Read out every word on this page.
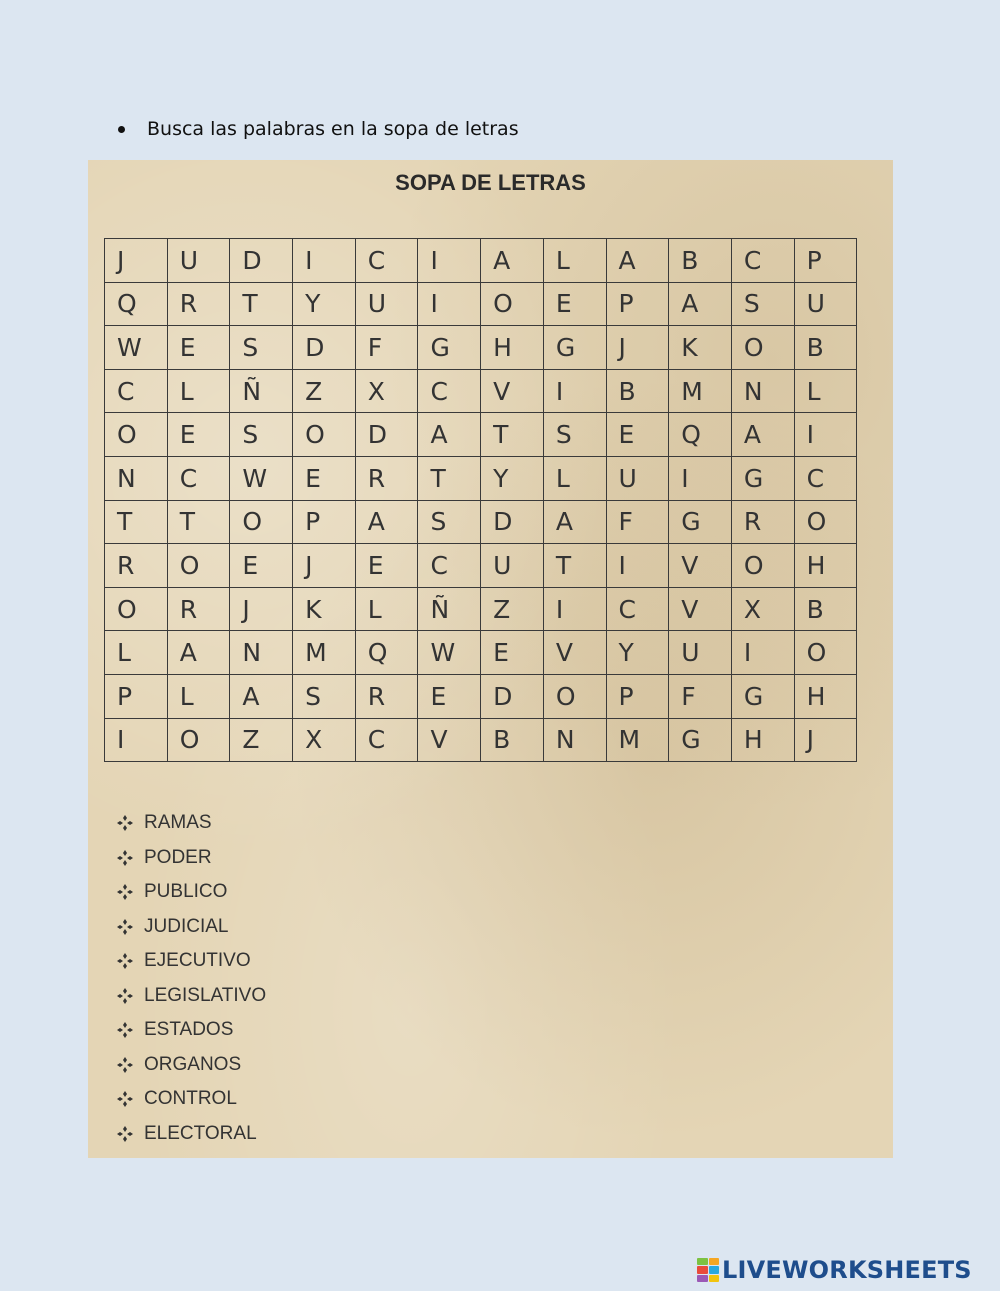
Busca las palabras en la sopa de letras
SOPA DE LETRAS
J	U	D	I	C	I	A	L	A	B	C	P
Q	R	T	Y	U	I	O	E	P	A	S	U
W	E	S	D	F	G	H	G	J	K	O	B
C	L	Ñ	Z	X	C	V	I	B	M	N	L
O	E	S	O	D	A	T	S	E	Q	A	I
N	C	W	E	R	T	Y	L	U	I	G	C
T	T	O	P	A	S	D	A	F	G	R	O
R	O	E	J	E	C	U	T	I	V	O	H
O	R	J	K	L	Ñ	Z	I	C	V	X	B
L	A	N	M	Q	W	E	V	Y	U	I	O
P	L	A	S	R	E	D	O	P	F	G	H
I	O	Z	X	C	V	B	N	M	G	H	J
RAMAS
PODER
PUBLICO
JUDICIAL
EJECUTIVO
LEGISLATIVO
ESTADOS
ORGANOS
CONTROL
ELECTORAL
LIVEWORKSHEETS
